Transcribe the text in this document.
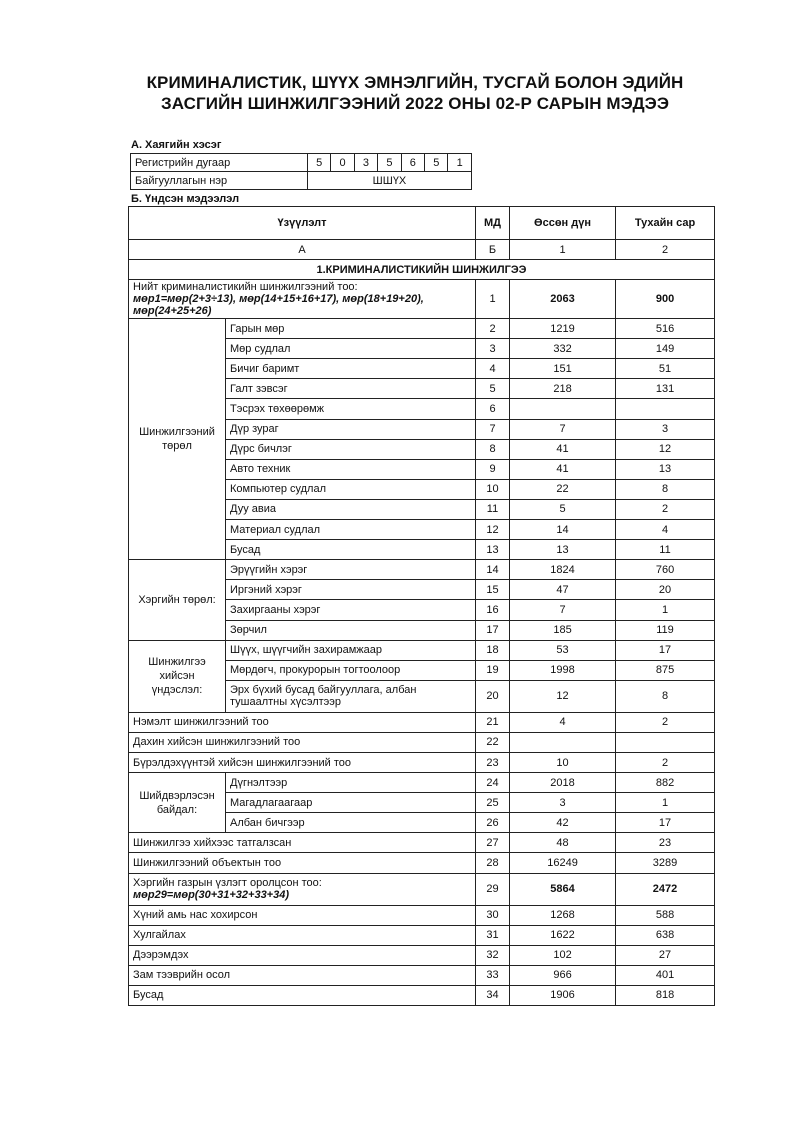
КРИМИНАЛИСТИК, ШҮҮХ ЭМНЭЛГИЙН, ТУСГАЙ БОЛОН ЭДИЙН
ЗАСГИЙН ШИНЖИЛГЭЭНИЙ 2022 ОНЫ 02-Р САРЫН МЭДЭЭ
А. Хаягийн хэсэг
Регистрийн дугаар	5	0	3	5	6	5	1
Байгууллагын нэр	ШШҮХ						
Б. Үндсэн мэдээлэл
Үзүүлэлт		МД	Өссөн дүн	Тухайн сар
А		Б	1	2
1.КРИМИНАЛИСТИКИЙН ШИНЖИЛГЭЭ				

Нийт криминалистикийн шинжилгээний тоо:
мөр1=мөр(2+3÷13), мөр(14+15+16+17), мөр(18+19+20), мөр(24+25+26)		1	2063	900
Шинжилгээний төрөл	Гарын мөр	2	1219	516
	Мөр судлал	3	332	149
	Бичиг баримт	4	151	51
	Галт зэвсэг	5	218	131
	Тэсрэх төхөөрөмж	6		
	Дүр зураг	7	7	3
	Дүрс бичлэг	8	41	12
	Авто техник	9	41	13
	Компьютер судлал	10	22	8
	Дуу авиа	11	5	2
	Материал судлал	12	14	4
	Бусад	13	13	11
Хэргийн төрөл:	Эрүүгийн хэрэг	14	1824	760
	Иргэний хэрэг	15	47	20
	Захиргааны хэрэг	16	7	1
	Зөрчил	17	185	119
Шинжилгээ хийсэн үндэслэл:	Шүүх, шүүгчийн захирамжаар	18	53	17
	Мөрдөгч, прокурорын тогтоолоор	19	1998	875
	Эрх бүхий бусад байгууллага, албан тушаалтны хүсэлтээр	20	12	8
Нэмэлт шинжилгээний тоо		21	4	2
Дахин хийсэн шинжилгээний тоо		22		
Бүрэлдэхүүнтэй хийсэн шинжилгээний тоо		23	10	2
Шийдвэрлэсэн байдал:	Дүгнэлтээр	24	2018	882
	Магадлагаагаар	25	3	1
	Албан бичгээр	26	42	17
Шинжилгээ хийхээс татгалзсан		27	48	23
Шинжилгээний объектын тоо		28	16249	3289

Хэргийн газрын үзлэгт оролцсон тоо:
мөр29=мөр(30+31+32+33+34)		29	5864	2472
Хүний амь нас хохирсон		30	1268	588
Хулгайлах		31	1622	638
Дээрэмдэх		32	102	27
Зам тээврийн осол		33	966	401
Бусад		34	1906	818
